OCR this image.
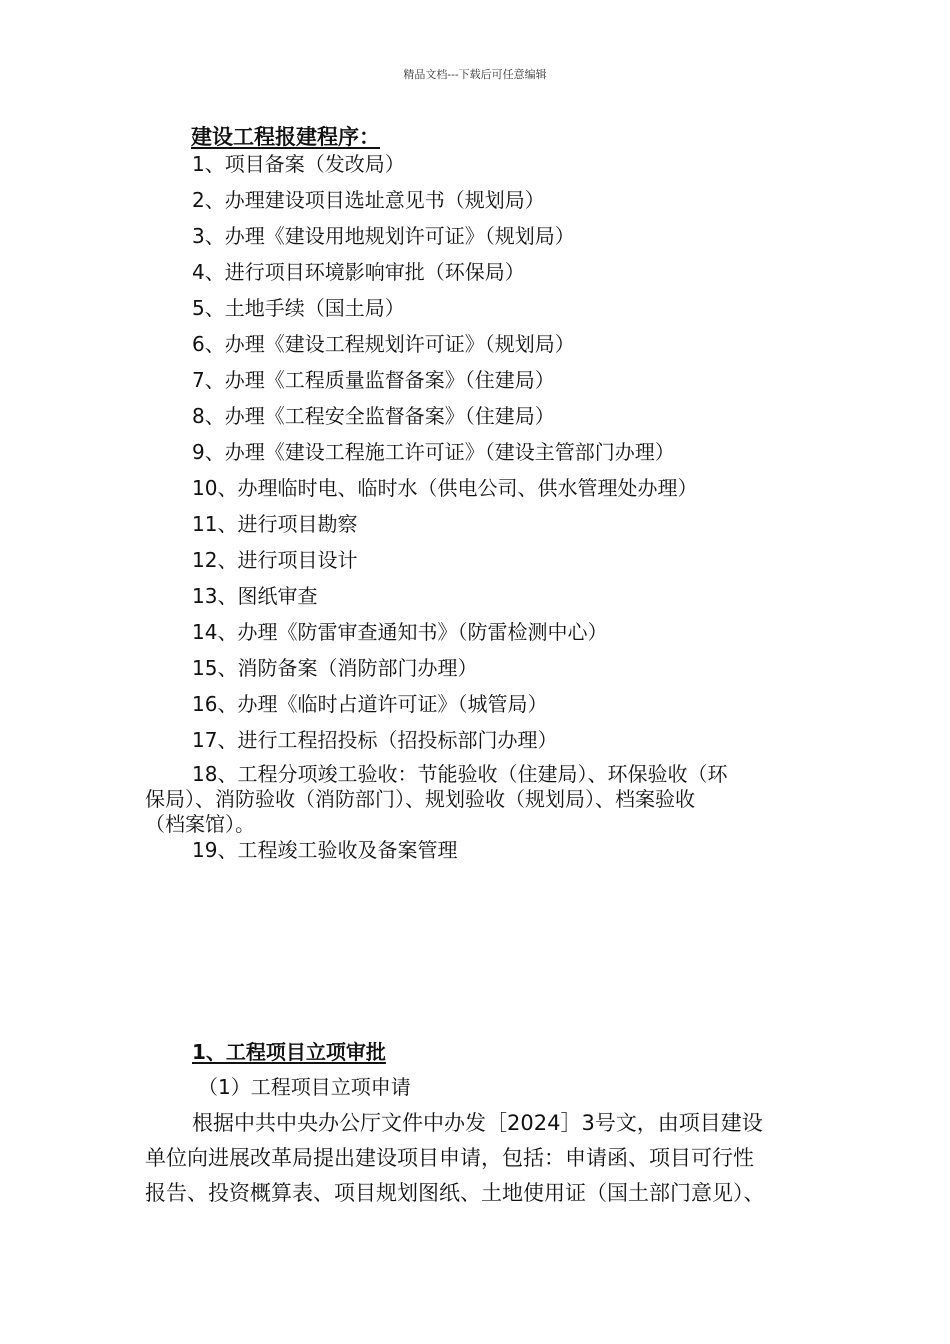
精品文档---下载后可任意编辑
建设工程报建程序：
1、项目备案（发改局）
2、办理建设项目选址意见书（规划局）
3、办理《建设用地规划许可证》（规划局）
4、进行项目环境影响审批（环保局）
5、土地手续（国土局）
6、办理《建设工程规划许可证》（规划局）
7、办理《工程质量监督备案》（住建局）
8、办理《工程安全监督备案》（住建局）
9、办理《建设工程施工许可证》（建设主管部门办理）
10、办理临时电、临时水（供电公司、供水管理处办理）
11、进行项目勘察
12、进行项目设计
13、图纸审查
14、办理《防雷审查通知书》（防雷检测中心）
15、消防备案（消防部门办理）
16、办理《临时占道许可证》（城管局）
17、进行工程招投标（招投标部门办理）
18、工程分项竣工验收：节能验收（住建局）、环保验收（环
保局）、消防验收（消防部门）、规划验收（规划局）、档案验收
（档案馆）。
19、工程竣工验收及备案管理
1、工程项目立项审批
（1）工程项目立项申请
根据中共中央办公厅文件中办发［2024］3号文，由项目建设
单位向进展改革局提出建设项目申请，包括：申请函、项目可行性
报告、投资概算表、项目规划图纸、土地使用证（国土部门意见）、
